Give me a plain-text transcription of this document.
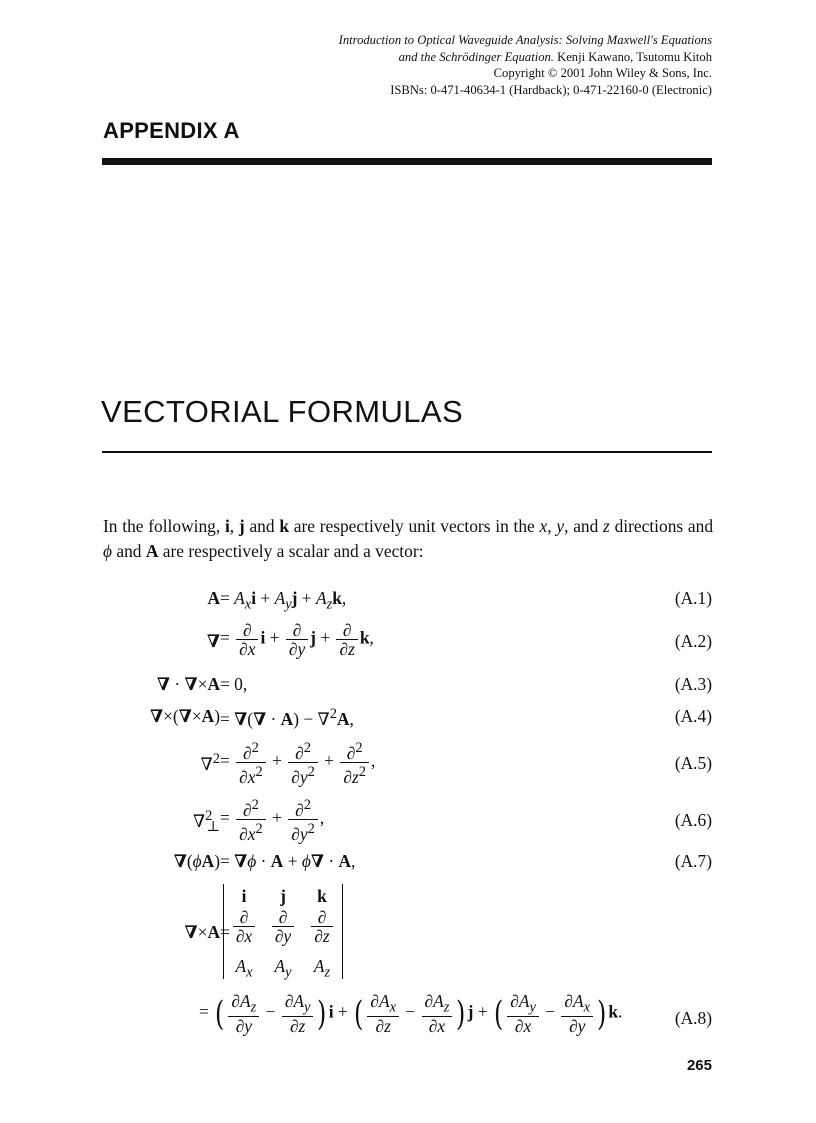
Introduction to Optical Waveguide Analysis: Solving Maxwell's Equations
and the Schrödinger Equation. Kenji Kawano, Tsutomu Kitoh
Copyright © 2001 John Wiley & Sons, Inc.
ISBNs: 0-471-40634-1 (Hardback); 0-471-22160-0 (Electronic)
APPENDIX A
VECTORIAL FORMULAS
In the following, i, j and k are respectively unit vectors in the x, y, and z directions and ϕ and A are respectively a scalar and a vector:
$A = A_xi + A_yj + A_zk$,	(A.1)
∇ = $\frac{\partial}{\partial x}$ $i + \frac{\partial}{\partial y}$ $j + \frac{\partial}{\partial z} k$,	(A.2)
∇ · ∇×A = 0,	(A.3)
∇×(∇×A) = ∇(∇ · A) − ∇$^2$A,	(A.4)
$\nabla^2 = \frac{\partial^2}{\partial x^2} + \frac{\partial^2}{\partial y^2} + \frac{\partial^2}{\partial z^2}$ ,	(A.5)
$\nabla^2_\perp = \frac{\partial^2}{\partial x^2} + \frac{\partial^2}{\partial y^2}$ ,	(A.6)
∇(ϕA) = ∇ϕ · A + ϕ∇ · A,	(A.7)
∇×A =
i	j	k
$\frac{\partial}{\partial x} \frac{\partial}{\partial y} \frac{\partial}{\partial z}$
$A_x$	$A_y$	$A_z$
= ( $\frac{\partial A_z}{\partial y} - \frac{\partial A_y}{\partial z}$ ) i + ( $\frac{\partial A_x}{\partial z} - \frac{\partial A_z}{\partial x}$ ) j + ( $\frac{\partial A_y}{\partial x} - \frac{\partial A_x}{\partial y}$ ) k.	(A.8)
265
